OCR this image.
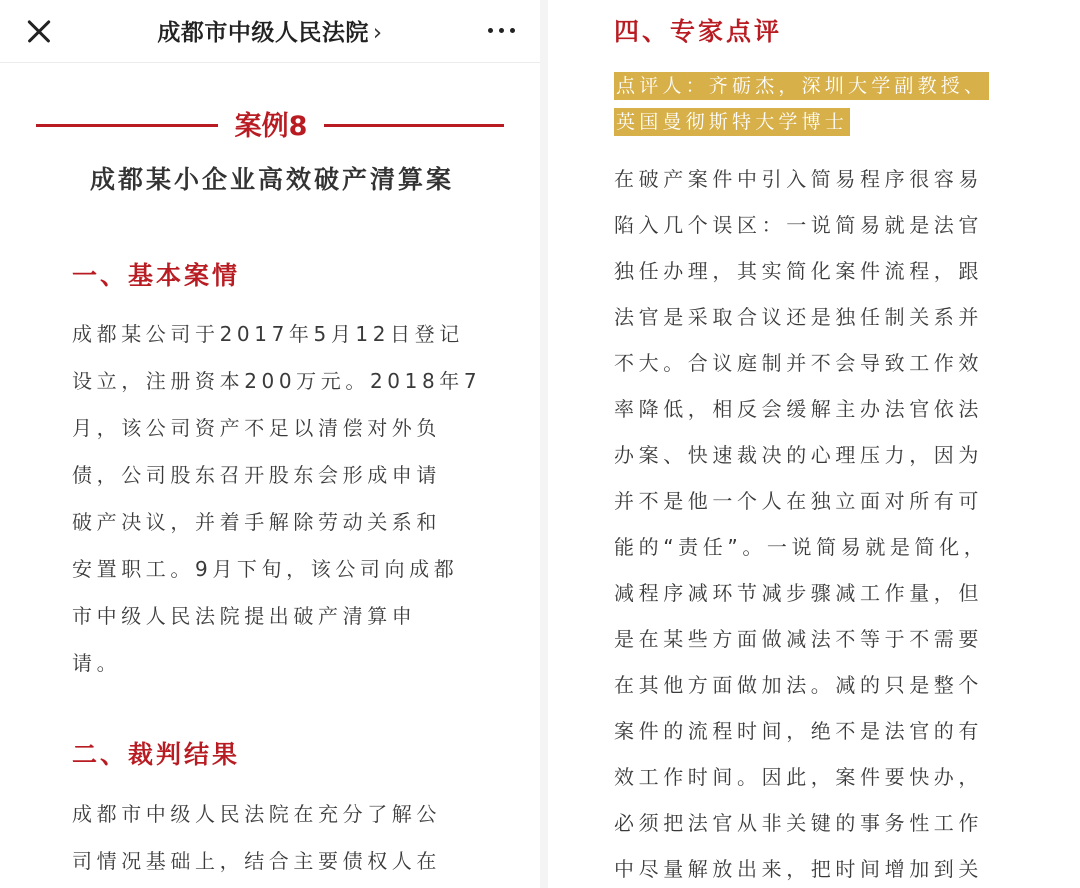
成都市中级人民法院 ›
案例8
成都某小企业高效破产清算案
一、基本案情
成都某公司于2017年5月12日登记
设立，注册资本200万元。2018年7
月，该公司资产不足以清偿对外负
债，公司股东召开股东会形成申请
破产决议，并着手解除劳动关系和
安置职工。9月下旬，该公司向成都
市中级人民法院提出破产清算申
请。
二、裁判结果
成都市中级人民法院在充分了解公
司情况基础上，结合主要债权人在
四、专家点评
点评人：齐砺杰，深圳大学副教授、
英国曼彻斯特大学博士
在破产案件中引入简易程序很容易
陷入几个误区：一说简易就是法官
独任办理，其实简化案件流程，跟
法官是采取合议还是独任制关系并
不大。合议庭制并不会导致工作效
率降低，相反会缓解主办法官依法
办案、快速裁决的心理压力，因为
并不是他一个人在独立面对所有可
能的“责任”。一说简易就是简化，
减程序减环节减步骤减工作量，但
是在某些方面做减法不等于不需要
在其他方面做加法。减的只是整个
案件的流程时间，绝不是法官的有
效工作时间。因此，案件要快办，
必须把法官从非关键的事务性工作
中尽量解放出来，把时间增加到关
